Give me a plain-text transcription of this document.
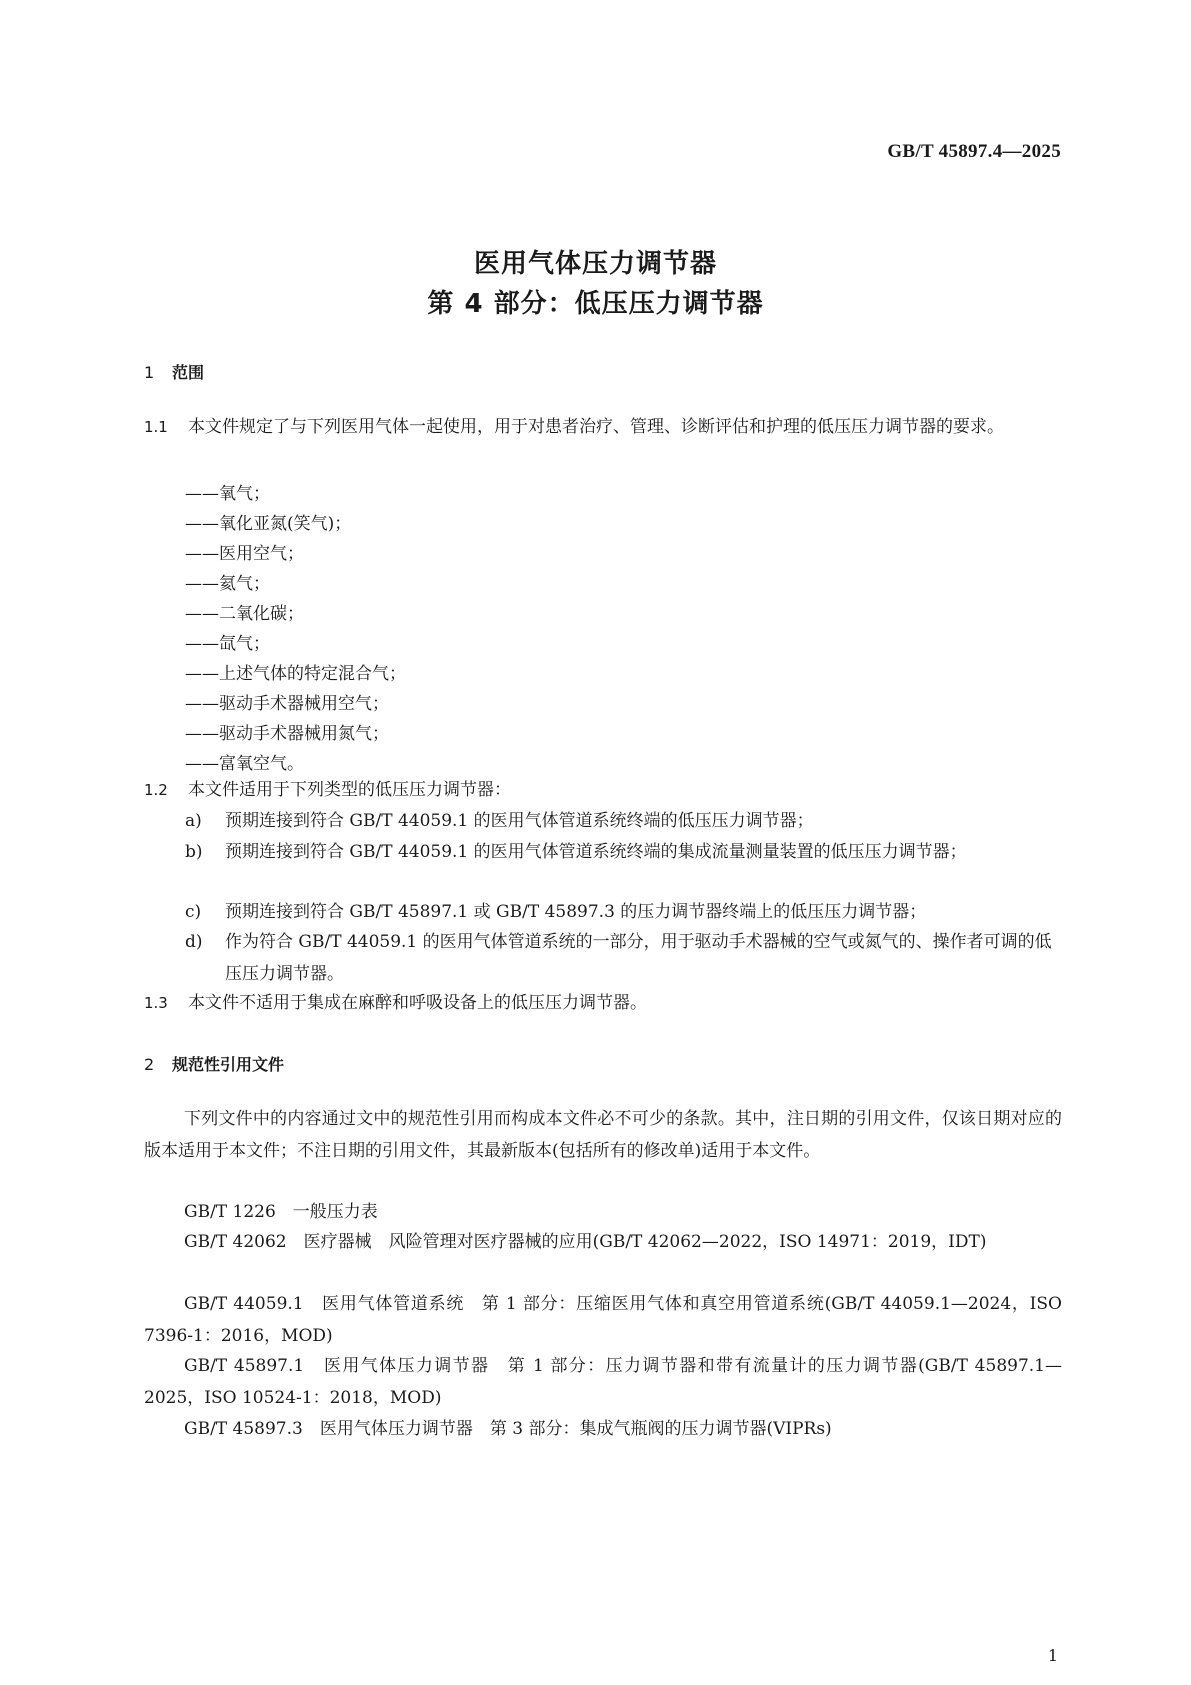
GB/T 45897.4—2025
医用气体压力调节器
第 4 部分：低压压力调节器
1 范围
1.1 本文件规定了与下列医用气体一起使用，用于对患者治疗、管理、诊断评估和护理的低压压力调节器的要求。
——氧气；
——氧化亚氮(笑气)；
——医用空气；
——氦气；
——二氧化碳；
——氙气；
——上述气体的特定混合气；
——驱动手术器械用空气；
——驱动手术器械用氮气；
——富氧空气。
1.2 本文件适用于下列类型的低压压力调节器：
a) 预期连接到符合 GB/T 44059.1 的医用气体管道系统终端的低压压力调节器；
b) 预期连接到符合 GB/T 44059.1 的医用气体管道系统终端的集成流量测量装置的低压压力调节器；
c) 预期连接到符合 GB/T 45897.1 或 GB/T 45897.3 的压力调节器终端上的低压压力调节器；
d) 作为符合 GB/T 44059.1 的医用气体管道系统的一部分，用于驱动手术器械的空气或氮气的、操作者可调的低压压力调节器。
1.3 本文件不适用于集成在麻醉和呼吸设备上的低压压力调节器。
2 规范性引用文件
下列文件中的内容通过文中的规范性引用而构成本文件必不可少的条款。其中，注日期的引用文件，仅该日期对应的版本适用于本文件；不注日期的引用文件，其最新版本(包括所有的修改单)适用于本文件。
GB/T 1226　一般压力表
GB/T 42062　医疗器械　风险管理对医疗器械的应用(GB/T 42062—2022，ISO 14971：2019，IDT)
GB/T 44059.1　医用气体管道系统　第 1 部分：压缩医用气体和真空用管道系统(GB/T 44059.1—2024，ISO 7396-1：2016，MOD)
GB/T 45897.1　医用气体压力调节器　第 1 部分：压力调节器和带有流量计的压力调节器(GB/T 45897.1—2025，ISO 10524-1：2018，MOD)
GB/T 45897.3　医用气体压力调节器　第 3 部分：集成气瓶阀的压力调节器(VIPRs)
1
